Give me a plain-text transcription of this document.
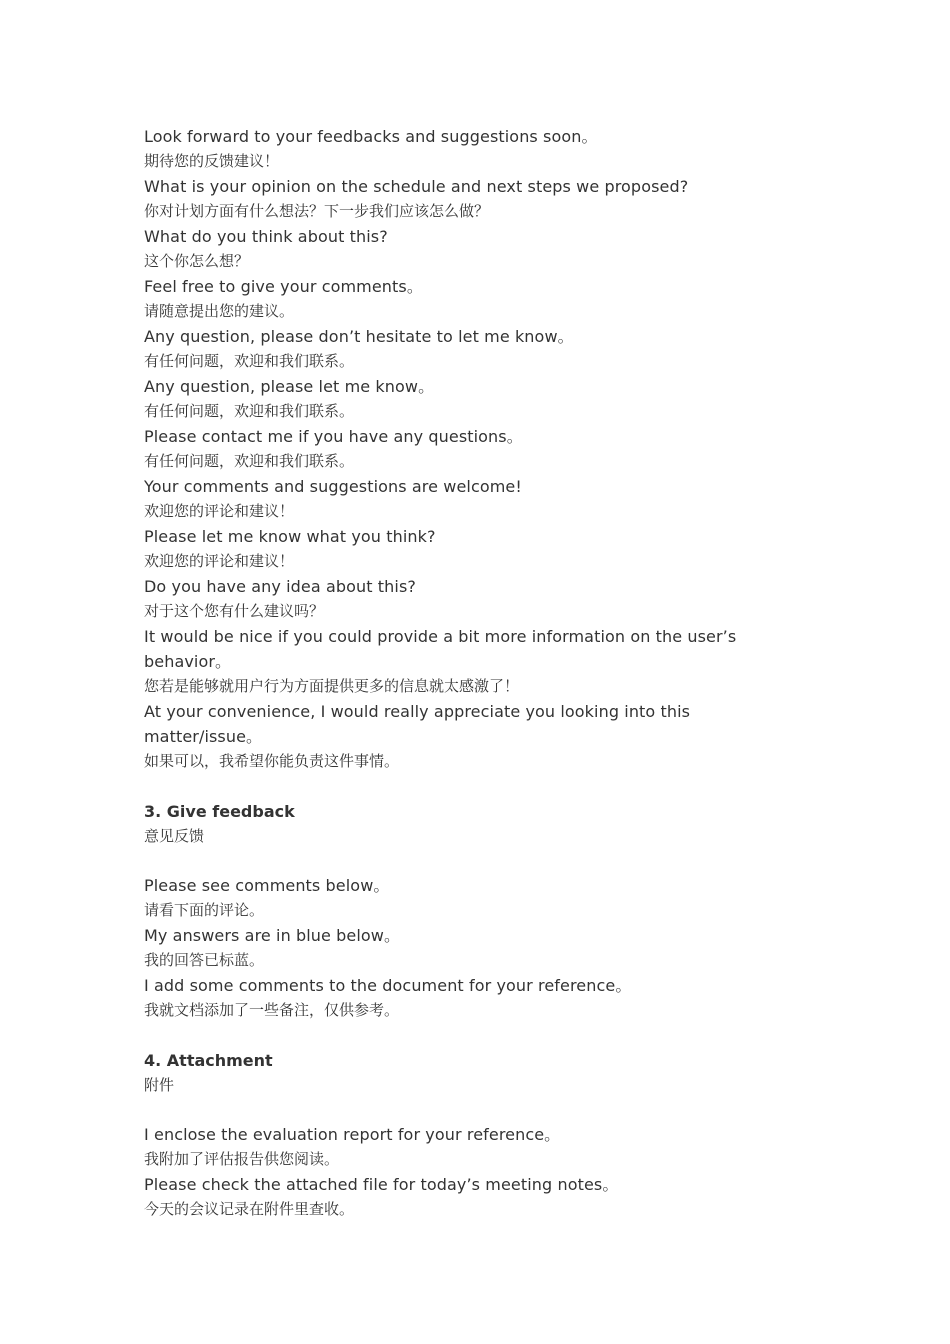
Look forward to your feedbacks and suggestions soon。
期待您的反馈建议！
What is your opinion on the schedule and next steps we proposed?
你对计划方面有什么想法？下一步我们应该怎么做？
What do you think about this?
这个你怎么想？
Feel free to give your comments。
请随意提出您的建议。
Any question, please don’t hesitate to let me know。
有任何问题，欢迎和我们联系。
Any question, please let me know。
有任何问题，欢迎和我们联系。
Please contact me if you have any questions。
有任何问题，欢迎和我们联系。
Your comments and suggestions are welcome!
欢迎您的评论和建议！
Please let me know what you think?
欢迎您的评论和建议！
Do you have any idea about this?
对于这个您有什么建议吗？
It would be nice if you could provide a bit more information on the user’s
behavior。
您若是能够就用户行为方面提供更多的信息就太感激了！
At your convenience, I would really appreciate you looking into this
matter/issue。
如果可以，我希望你能负责这件事情。
3. Give feedback
意见反馈
Please see comments below。
请看下面的评论。
My answers are in blue below。
我的回答已标蓝。
I add some comments to the document for your reference。
我就文档添加了一些备注，仅供参考。
4. Attachment
附件
I enclose the evaluation report for your reference。
我附加了评估报告供您阅读。
Please check the attached file for today’s meeting notes。
今天的会议记录在附件里查收。
